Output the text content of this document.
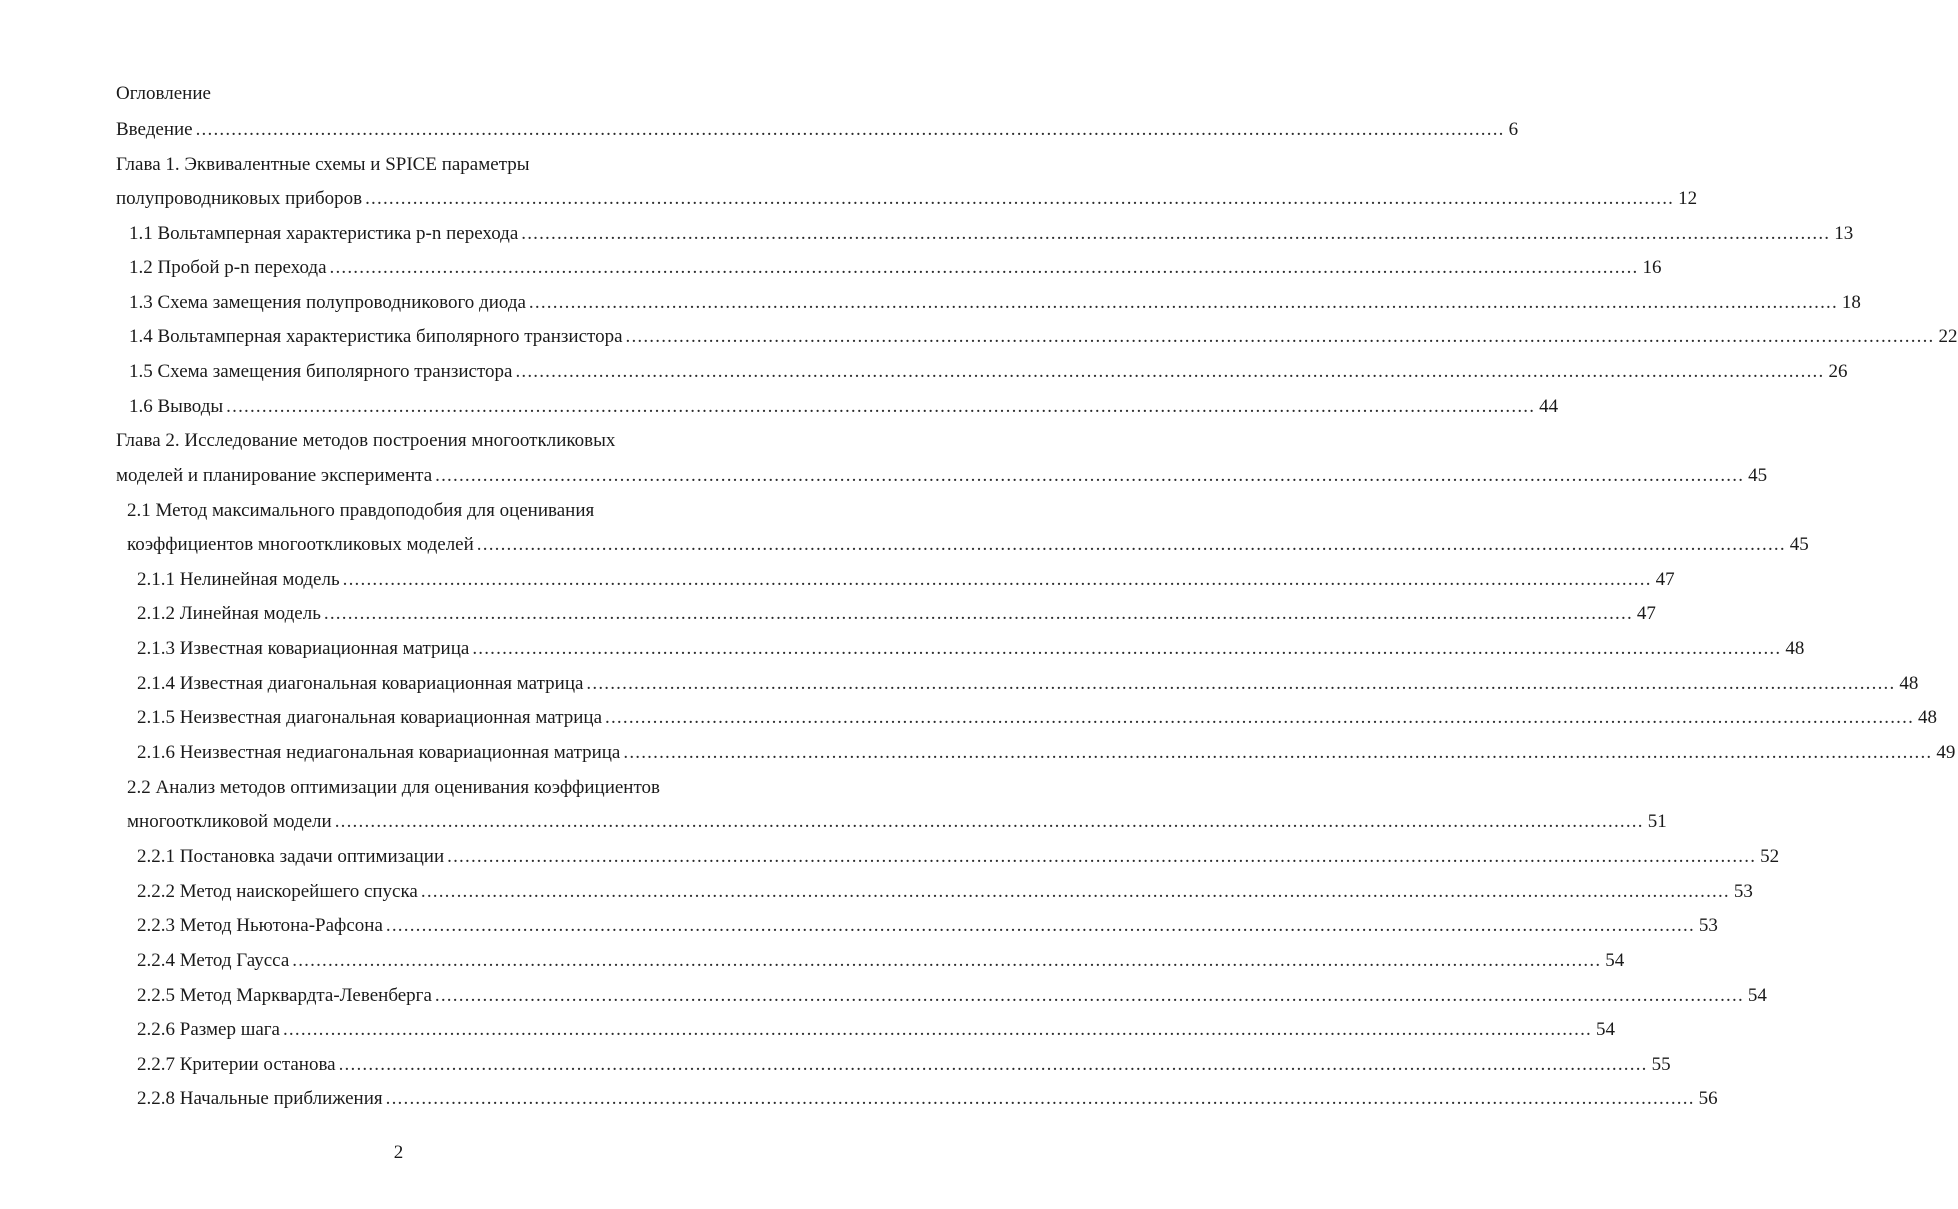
Огловление
Введение ............................................................................................................................................................................................................................ 6
Глава 1. Эквивалентные схемы и SPICE параметры
полупроводниковых приборов ............................................................................................................................................................................................................................ 12
1.1 Вольтамперная характеристика p-n перехода ............................................................................................................................................................................................................................ 13
1.2 Пробой p-n перехода ............................................................................................................................................................................................................................ 16
1.3 Схема замещения полупроводникового диода ............................................................................................................................................................................................................................ 18
1.4 Вольтамперная характеристика биполярного транзистора ............................................................................................................................................................................................................................ 22
1.5 Схема замещения биполярного транзистора ............................................................................................................................................................................................................................ 26
1.6 Выводы ............................................................................................................................................................................................................................ 44
Глава 2. Исследование методов построения многооткликовых
моделей и планирование эксперимента ............................................................................................................................................................................................................................ 45
2.1 Метод максимального правдоподобия для оценивания
коэффициентов многооткликовых моделей ............................................................................................................................................................................................................................ 45
2.1.1 Нелинейная модель ............................................................................................................................................................................................................................ 47
2.1.2 Линейная модель ............................................................................................................................................................................................................................ 47
2.1.3 Известная ковариационная матрица ............................................................................................................................................................................................................................ 48
2.1.4 Известная диагональная ковариационная матрица ............................................................................................................................................................................................................................ 48
2.1.5 Неизвестная диагональная ковариационная матрица ............................................................................................................................................................................................................................ 48
2.1.6 Неизвестная недиагональная ковариационная матрица ............................................................................................................................................................................................................................ 49
2.2 Анализ методов оптимизации для оценивания коэффициентов
многооткликовой модели ............................................................................................................................................................................................................................ 51
2.2.1 Постановка задачи оптимизации ............................................................................................................................................................................................................................ 52
2.2.2 Метод наискорейшего спуска ............................................................................................................................................................................................................................ 53
2.2.3 Метод Ньютона-Рафсона ............................................................................................................................................................................................................................ 53
2.2.4 Метод Гаусса ............................................................................................................................................................................................................................ 54
2.2.5 Метод Марквардта-Левенберга ............................................................................................................................................................................................................................ 54
2.2.6 Размер шага ............................................................................................................................................................................................................................ 54
2.2.7 Критерии останова ............................................................................................................................................................................................................................ 55
2.2.8 Начальные приближения ............................................................................................................................................................................................................................ 56
2
